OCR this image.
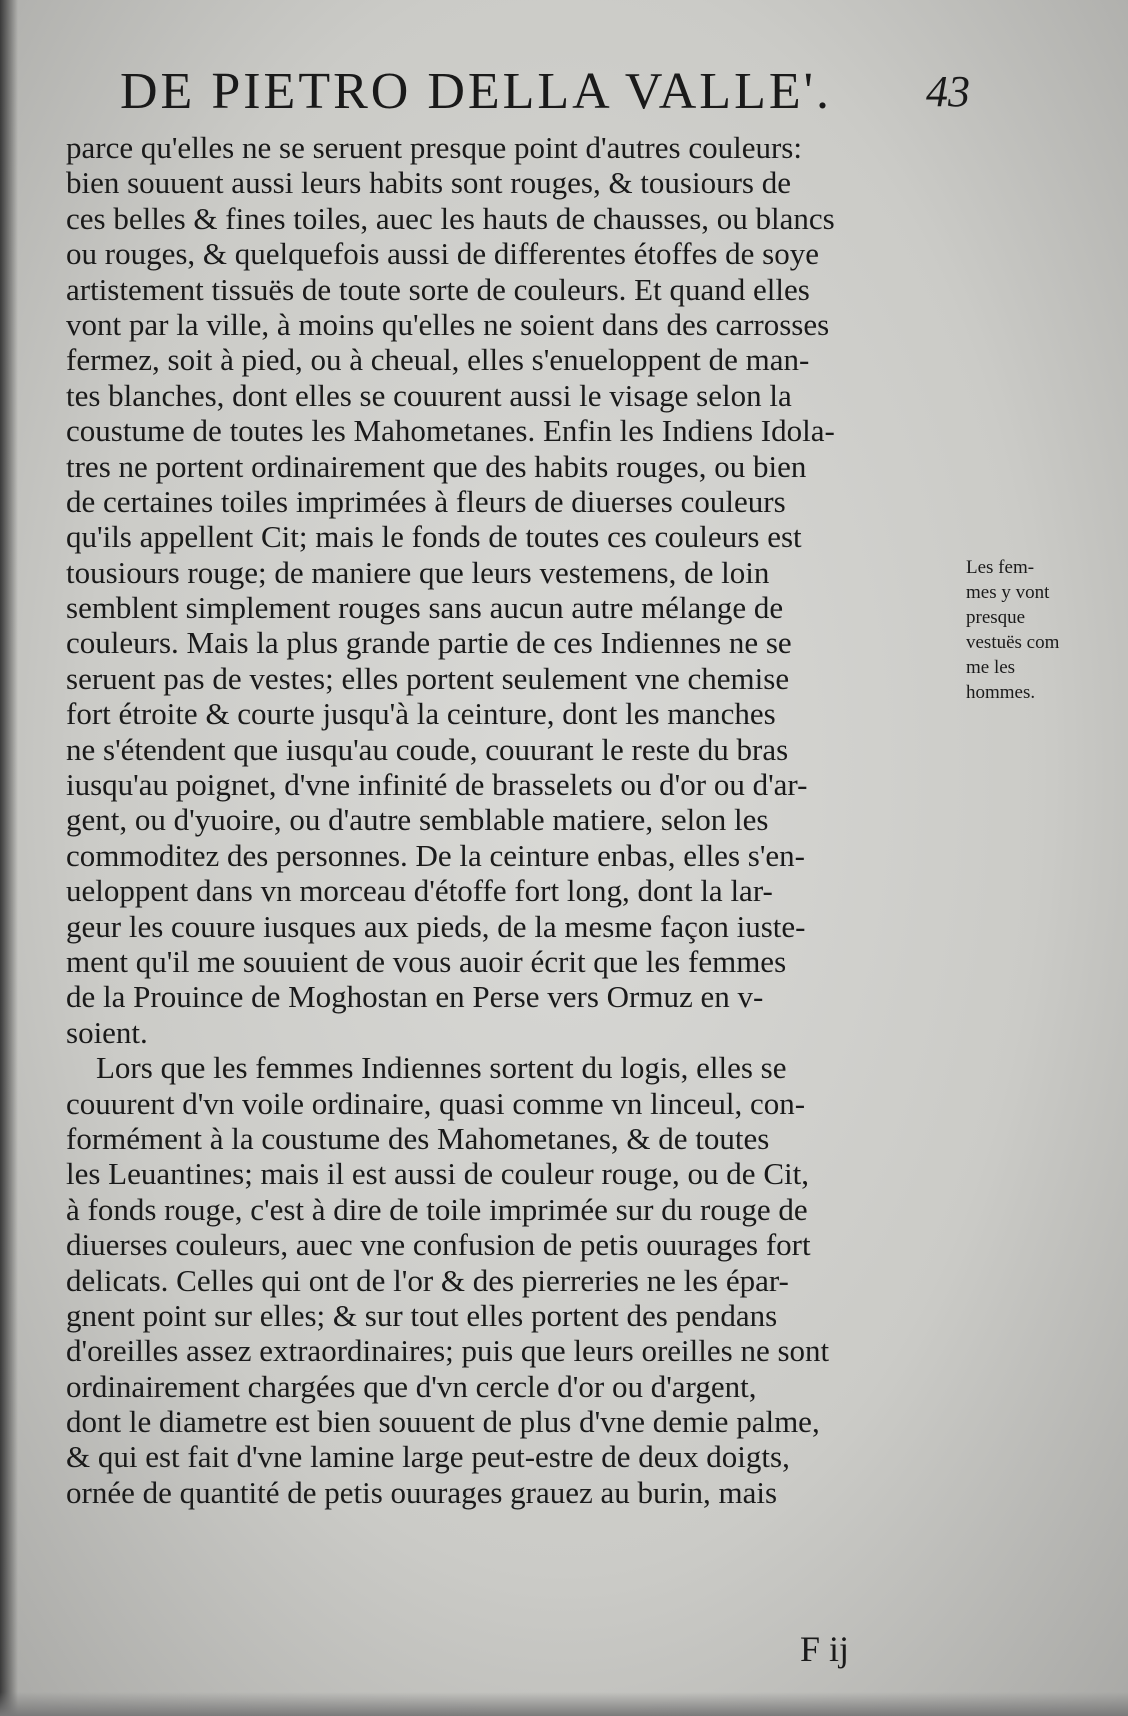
DE PIETRO DELLA VALLE'. 43
parce qu'elles ne se seruent presque point d'autres couleurs:
bien souuent aussi leurs habits sont rouges, & tousiours de
ces belles & fines toiles, auec les hauts de chausses, ou blancs
ou rouges, & quelquefois aussi de differentes étoffes de soye
artistement tissuës de toute sorte de couleurs. Et quand elles
vont par la ville, à moins qu'elles ne soient dans des carrosses
fermez, soit à pied, ou à cheual, elles s'enueloppent de man-
tes blanches, dont elles se couurent aussi le visage selon la
coustume de toutes les Mahometanes. Enfin les Indiens Idola-
tres ne portent ordinairement que des habits rouges, ou bien
de certaines toiles imprimées à fleurs de diuerses couleurs
qu'ils appellent Cit; mais le fonds de toutes ces couleurs est
tousiours rouge; de maniere que leurs vestemens, de loin
semblent simplement rouges sans aucun autre mélange de
couleurs. Mais la plus grande partie de ces Indiennes ne se
seruent pas de vestes; elles portent seulement vne chemise
fort étroite & courte jusqu'à la ceinture, dont les manches
ne s'étendent que iusqu'au coude, couurant le reste du bras
iusqu'au poignet, d'vne infinité de brasselets ou d'or ou d'ar-
gent, ou d'yuoire, ou d'autre semblable matiere, selon les
commoditez des personnes. De la ceinture enbas, elles s'en-
ueloppent dans vn morceau d'étoffe fort long, dont la lar-
geur les couure iusques aux pieds, de la mesme façon iuste-
ment qu'il me souuient de vous auoir écrit que les femmes
de la Prouince de Moghostan en Perse vers Ormuz en v-
soient.
Lors que les femmes Indiennes sortent du logis, elles se
couurent d'vn voile ordinaire, quasi comme vn linceul, con-
formément à la coustume des Mahometanes, & de toutes
les Leuantines; mais il est aussi de couleur rouge, ou de Cit,
à fonds rouge, c'est à dire de toile imprimée sur du rouge de
diuerses couleurs, auec vne confusion de petis ouurages fort
delicats. Celles qui ont de l'or & des pierreries ne les épar-
gnent point sur elles; & sur tout elles portent des pendans
d'oreilles assez extraordinaires; puis que leurs oreilles ne sont
ordinairement chargées que d'vn cercle d'or ou d'argent,
dont le diametre est bien souuent de plus d'vne demie palme,
& qui est fait d'vne lamine large peut-estre de deux doigts,
ornée de quantité de petis ouurages grauez au burin, mais
Les fem-
mes y vont
presque
vestuës com
me les
hommes.
F ij
